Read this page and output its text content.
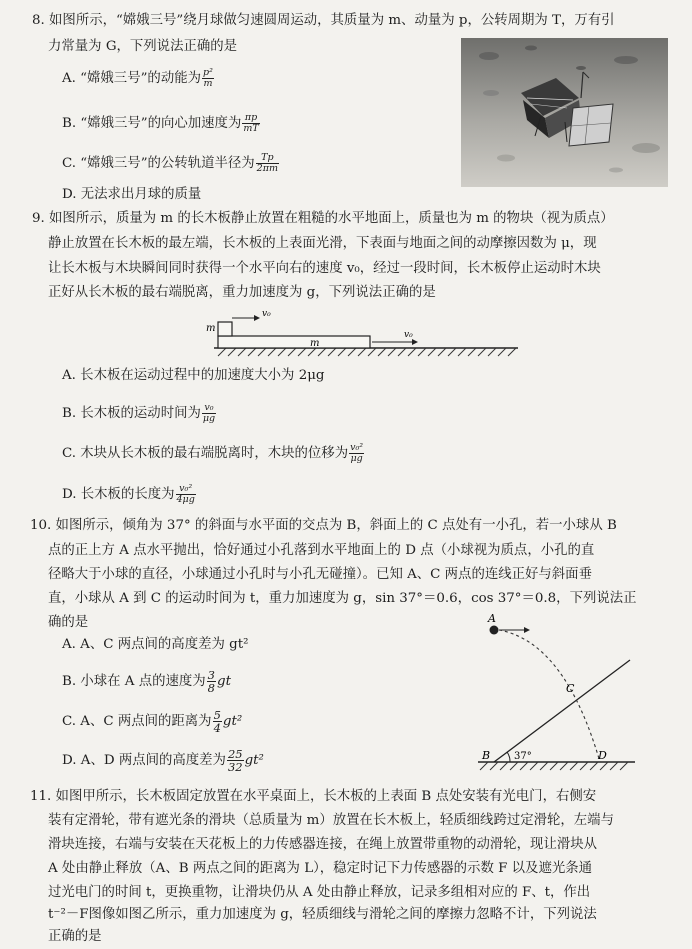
8. 如图所示，“嫦娥三号”绕月球做匀速圆周运动，其质量为 m、动量为 p，公转周期为 T，万有引
力常量为 G，下列说法正确的是
A. “嫦娥三号”的动能为 $\frac{\text{p²}}{m}$
B. “嫦娥三号”的向心加速度为 $\frac{\pi p}{mT}$
C. “嫦娥三号”的公转轨道半径为 $\frac{Tp}{2\pi m}$
D. 无法求出月球的质量
9. 如图所示，质量为 m 的长木板静止放置在粗糙的水平地面上，质量也为 m 的物块（视为质点）
静止放置在长木板的最左端，长木板的上表面光滑，下表面与地面之间的动摩擦因数为 μ，现
让长木板与木块瞬间同时获得一个水平向右的速度 v₀，经过一段时间，长木板停止运动时木块
正好从长木板的最右端脱离，重力加速度为 g，下列说法正确的是
m
v₀
m
v₀
A. 长木板在运动过程中的加速度大小为 2μg
B. 长木板的运动时间为 $\frac{\text{v₀}}{\mu g}$
C. 木块从长木板的最右端脱离时，木块的位移为 $\frac{\text{v₀²}}{\mu g}$
D. 长木板的长度为 $\frac{\text{v₀²}}{4\mu g}$
10. 如图所示，倾角为 37° 的斜面与水平面的交点为 B，斜面上的 C 点处有一小孔，若一小球从 B
点的正上方 A 点水平抛出，恰好通过小孔落到水平地面上的 D 点（小球视为质点，小孔的直
径略大于小球的直径，小球通过小孔时与小孔无碰撞）。已知 A、C 两点的连线正好与斜面垂
直，小球从 A 到 C 的运动时间为 t，重力加速度为 g，sin 37°＝0.6，cos 37°＝0.8，下列说法正
确的是
A. A、C 两点间的高度差为 gt²
B. 小球在 A 点的速度为 $\frac{3}{8}$ gt
C. A、C 两点间的距离为 $\frac{5}{4} gt^2$
D. A、D 两点间的高度差为 $\frac{25}{32} gt^2$	37°
A
C
B	D
11. 如图甲所示，长木板固定放置在水平桌面上，长木板的上表面 B 点处安装有光电门，右侧安
装有定滑轮，带有遮光条的滑块（总质量为 m）放置在长木板上，轻质细线跨过定滑轮，左端与
滑块连接，右端与安装在天花板上的力传感器连接，在绳上放置带重物的动滑轮，现让滑块从
A 处由静止释放（A、B 两点之间的距离为 L），稳定时记下力传感器的示数 F 以及遮光条通
过光电门的时间 t，更换重物，让滑块仍从 A 处由静止释放，记录多组相对应的 F、t，作出
t⁻²－F图像如图乙所示，重力加速度为 g，轻质细线与滑轮之间的摩擦力忽略不计，下列说法
正确的是
